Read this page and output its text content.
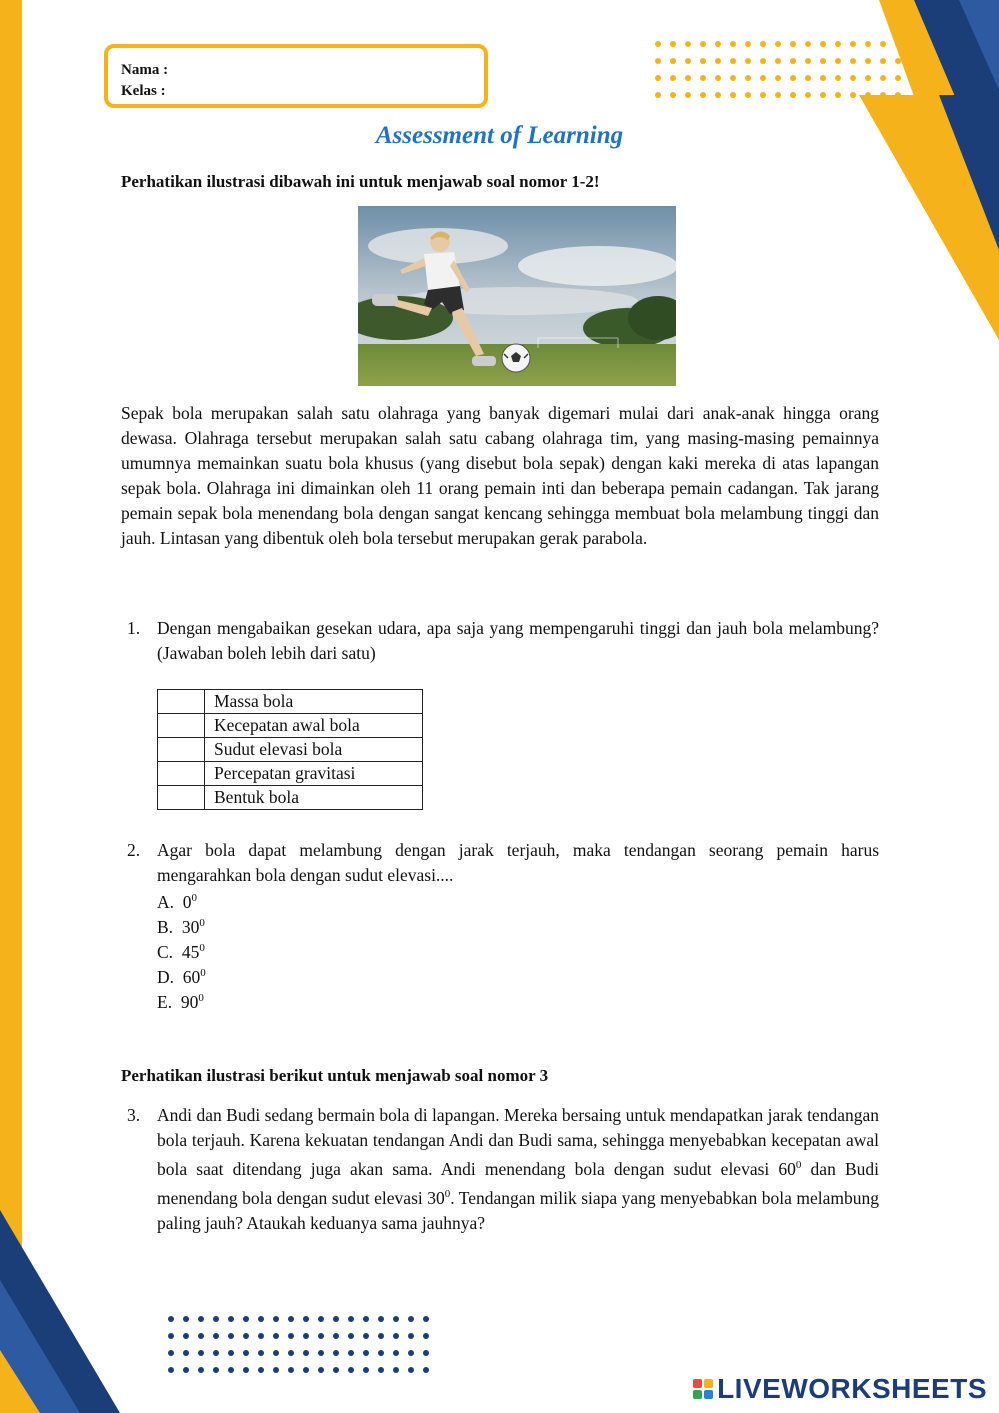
Nama :
Kelas :
Assessment of Learning
Perhatikan ilustrasi dibawah ini untuk menjawab soal nomor 1-2!
Sepak bola merupakan salah satu olahraga yang banyak digemari mulai dari anak-anak hingga orang dewasa. Olahraga tersebut merupakan salah satu cabang olahraga tim, yang masing-masing pemainnya umumnya memainkan suatu bola khusus (yang disebut bola sepak) dengan kaki mereka di atas lapangan sepak bola. Olahraga ini dimainkan oleh 11 orang pemain inti dan beberapa pemain cadangan. Tak jarang pemain sepak bola menendang bola dengan sangat kencang sehingga membuat bola melambung tinggi dan jauh. Lintasan yang dibentuk oleh bola tersebut merupakan gerak parabola.
1. Dengan mengabaikan gesekan udara, apa saja yang mempengaruhi tinggi dan jauh bola melambung? (Jawaban boleh lebih dari satu)
	Massa bola
	Kecepatan awal bola
	Sudut elevasi bola
	Percepatan gravitasi
	Bentuk bola
2. Agar bola dapat melambung dengan jarak terjauh, maka tendangan seorang pemain harus mengarahkan bola dengan sudut elevasi....
A. $0^0$
B. $30^0$
C. $45^0$
D. $60^0$
E. $90^0$
Perhatikan ilustrasi berikut untuk menjawab soal nomor 3
3. Andi dan Budi sedang bermain bola di lapangan. Mereka bersaing untuk mendapatkan jarak tendangan bola terjauh. Karena kekuatan tendangan Andi dan Budi sama, sehingga menyebabkan kecepatan awal bola saat ditendang juga akan sama. Andi menendang bola dengan sudut elevasi $60^0$ dan Budi menendang bola dengan sudut elevasi $30^0$. Tendangan milik siapa yang menyebabkan bola melambung paling jauh? Ataukah keduanya sama jauhnya?
LIVEWORKSHEETS
